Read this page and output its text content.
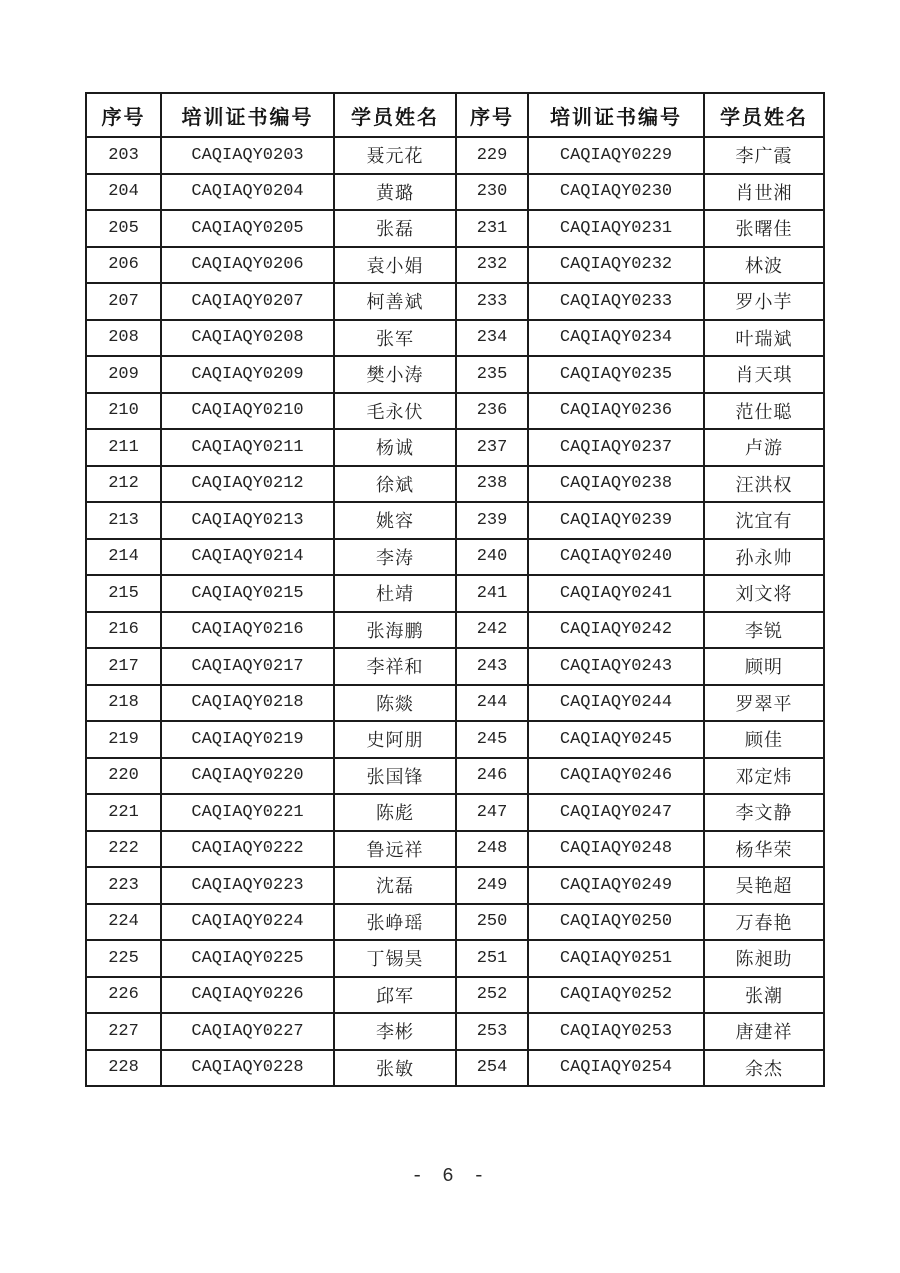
序号	培训证书编号	学员姓名	序号	培训证书编号	学员姓名
203	CAQIAQY0203	聂元花	229	CAQIAQY0229	李广霞
204	CAQIAQY0204	黄璐	230	CAQIAQY0230	肖世湘
205	CAQIAQY0205	张磊	231	CAQIAQY0231	张曙佳
206	CAQIAQY0206	袁小娟	232	CAQIAQY0232	林波
207	CAQIAQY0207	柯善斌	233	CAQIAQY0233	罗小芋
208	CAQIAQY0208	张军	234	CAQIAQY0234	叶瑞斌
209	CAQIAQY0209	樊小涛	235	CAQIAQY0235	肖天琪
210	CAQIAQY0210	毛永伏	236	CAQIAQY0236	范仕聪
211	CAQIAQY0211	杨诚	237	CAQIAQY0237	卢游
212	CAQIAQY0212	徐斌	238	CAQIAQY0238	汪洪权
213	CAQIAQY0213	姚容	239	CAQIAQY0239	沈宜有
214	CAQIAQY0214	李涛	240	CAQIAQY0240	孙永帅
215	CAQIAQY0215	杜靖	241	CAQIAQY0241	刘文将
216	CAQIAQY0216	张海鹏	242	CAQIAQY0242	李锐
217	CAQIAQY0217	李祥和	243	CAQIAQY0243	顾明
218	CAQIAQY0218	陈燚	244	CAQIAQY0244	罗翠平
219	CAQIAQY0219	史阿朋	245	CAQIAQY0245	顾佳
220	CAQIAQY0220	张国锋	246	CAQIAQY0246	邓定炜
221	CAQIAQY0221	陈彪	247	CAQIAQY0247	李文静
222	CAQIAQY0222	鲁远祥	248	CAQIAQY0248	杨华荣
223	CAQIAQY0223	沈磊	249	CAQIAQY0249	吴艳超
224	CAQIAQY0224	张峥瑶	250	CAQIAQY0250	万春艳
225	CAQIAQY0225	丁锡昊	251	CAQIAQY0251	陈昶助
226	CAQIAQY0226	邱军	252	CAQIAQY0252	张潮
227	CAQIAQY0227	李彬	253	CAQIAQY0253	唐建祥
228	CAQIAQY0228	张敏	254	CAQIAQY0254	余杰
- 6 -
